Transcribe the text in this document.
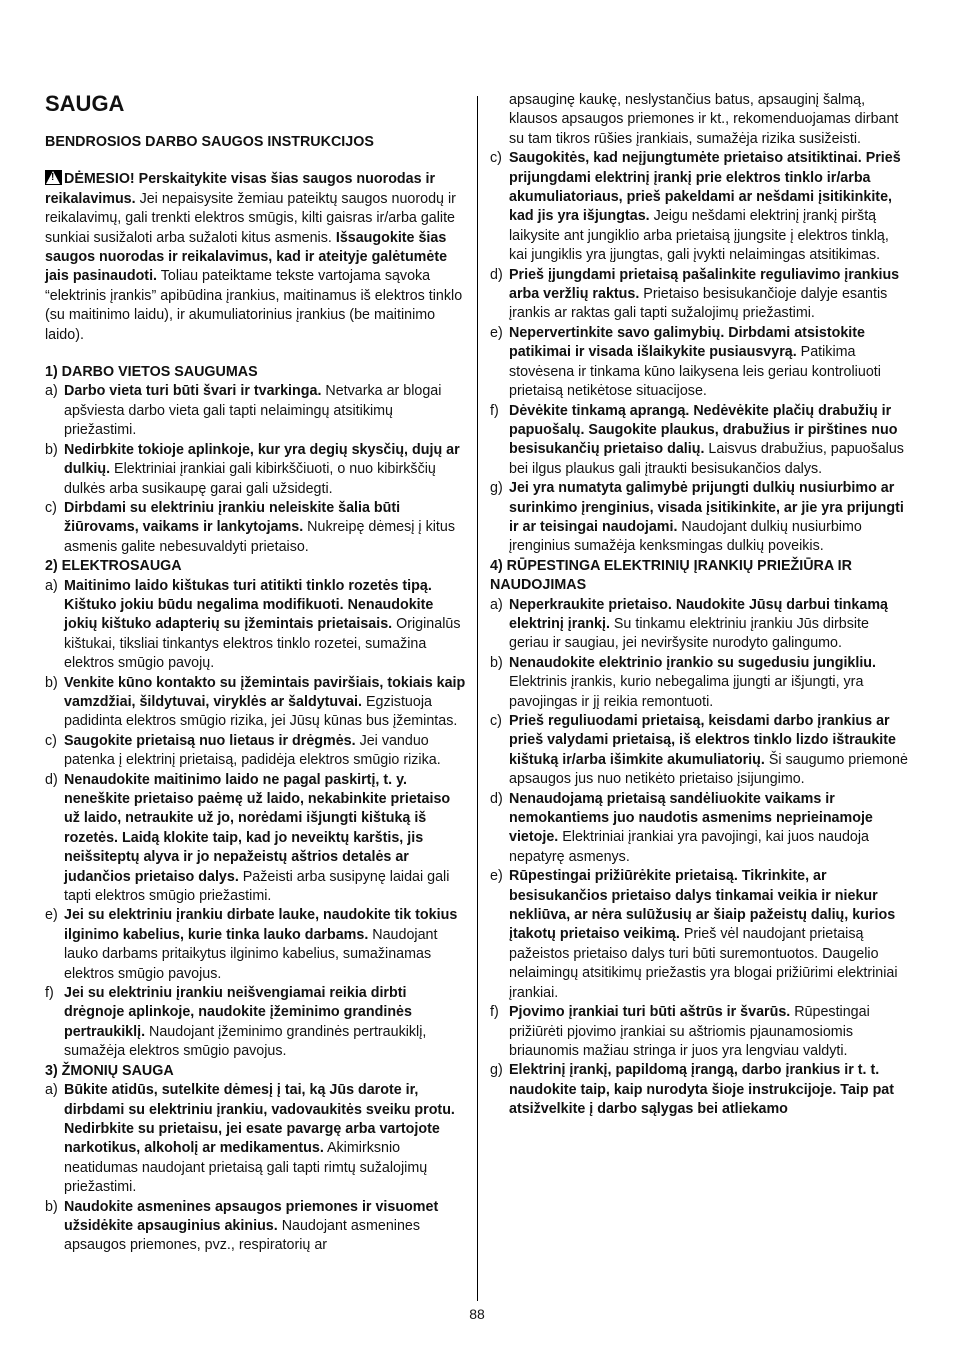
SAUGA

BENDROSIOS DARBO SAUGOS INSTRUKCIJOS

!DĖMESIO! Perskaitykite visas šias saugos nuorodas ir reikalavimus. Jei nepaisysite žemiau pateiktų saugos nuorodų ir reikalavimų, gali trenkti elektros smūgis, kilti gaisras ir/arba galite sunkiai susižaloti arba sužaloti kitus asmenis. Išsaugokite šias saugos nuorodas ir reikalavimus, kad ir ateityje galėtumėte jais pasinaudoti. Toliau pateiktame tekste vartojama sąvoka “elektrinis įrankis” apibūdina įrankius, maitinamus iš elektros tinklo (su maitinimo laidu), ir akumuliatorinius įrankius (be maitinimo laido).

1) DARBO VIETOS SAUGUMAS

a) Darbo vieta turi būti švari ir tvarkinga. Netvarka ar blogai apšviesta darbo vieta gali tapti nelaimingų atsitikimų priežastimi.
b) Nedirbkite tokioje aplinkoje, kur yra degių skysčių, dujų ar dulkių. Elektriniai įrankiai gali kibirkščiuoti, o nuo kibirkščių dulkės arba susikaupę garai gali užsidegti.
c) Dirbdami su elektriniu įrankiu neleiskite šalia būti žiūrovams, vaikams ir lankytojams. Nukreipę dėmesį į kitus asmenis galite nebesuvaldyti prietaiso.

2) ELEKTROSAUGA

a) Maitinimo laido kištukas turi atitikti tinklo rozetės tipą. Kištuko jokiu būdu negalima modifikuoti. Nenaudokite jokių kištuko adapterių su įžemintais prietaisais. Originalūs kištukai, tiksliai tinkantys elektros tinklo rozetei, sumažina elektros smūgio pavojų.
b) Venkite kūno kontakto su įžemintais paviršiais, tokiais kaip vamzdžiai, šildytuvai, viryklės ar šaldytuvai. Egzistuoja padidinta elektros smūgio rizika, jei Jūsų kūnas bus įžemintas.
c) Saugokite prietaisą nuo lietaus ir drėgmės. Jei vanduo patenka į elektrinį prietaisą, padidėja elektros smūgio rizika.
d) Nenaudokite maitinimo laido ne pagal paskirtį, t. y. neneškite prietaiso paėmę už laido, nekabinkite prietaiso už laido, netraukite už jo, norėdami išjungti kištuką iš rozetės. Laidą klokite taip, kad jo neveiktų karštis, jis neišsiteptų alyva ir jo nepažeistų aštrios detalės ar judančios prietaiso dalys. Pažeisti arba susipynę laidai gali tapti elektros smūgio priežastimi.
e) Jei su elektriniu įrankiu dirbate lauke, naudokite tik tokius ilginimo kabelius, kurie tinka lauko darbams. Naudojant lauko darbams pritaikytus ilginimo kabelius, sumažinamas elektros smūgio pavojus.
f) Jei su elektriniu įrankiu neišvengiamai reikia dirbti drėgnoje aplinkoje, naudokite įžeminimo grandinės pertraukiklį. Naudojant įžeminimo grandinės pertraukiklį, sumažėja elektros smūgio pavojus.

3) ŽMONIŲ SAUGA

a) Būkite atidūs, sutelkite dėmesį į tai, ką Jūs darote ir, dirbdami su elektriniu įrankiu, vadovaukitės sveiku protu. Nedirbkite su prietaisu, jei esate pavargę arba vartojote narkotikus, alkoholį ar medikamentus. Akimirksnio neatidumas naudojant prietaisą gali tapti rimtų sužalojimų priežastimi.
b) Naudokite asmenines apsaugos priemones ir visuomet užsidėkite apsauginius akinius. Naudojant asmenines apsaugos priemones, pvz., respiratorių ar
apsauginę kaukę, neslystančius batus, apsauginį šalmą, klausos apsaugos priemones ir kt., rekomenduojamas dirbant su tam tikros rūšies įrankiais, sumažėja rizika susižeisti.
c) Saugokitės, kad neįjungtumėte prietaiso atsitiktinai. Prieš prijungdami elektrinį įrankį prie elektros tinklo ir/arba akumuliatoriaus, prieš pakeldami ar nešdami įsitikinkite, kad jis yra išjungtas. Jeigu nešdami elektrinį įrankį pirštą laikysite ant jungiklio arba prietaisą įjungsite į elektros tinklą, kai jungiklis yra įjungtas, gali įvykti nelaimingas atsitikimas.
d) Prieš įjungdami prietaisą pašalinkite reguliavimo įrankius arba veržlių raktus. Prietaiso besisukančioje dalyje esantis įrankis ar raktas gali tapti sužalojimų priežastimi.
e) Nepervertinkite savo galimybių. Dirbdami atsistokite patikimai ir visada išlaikykite pusiausvyrą. Patikima stovėsena ir tinkama kūno laikysena leis geriau kontroliuoti prietaisą netikėtose situacijose.
f) Dėvėkite tinkamą aprangą. Nedėvėkite plačių drabužių ir papuošalų. Saugokite plaukus, drabužius ir pirštines nuo besisukančių prietaiso dalių. Laisvus drabužius, papuošalus bei ilgus plaukus gali įtraukti besisukančios dalys.
g) Jei yra numatyta galimybė prijungti dulkių nusiurbimo ar surinkimo įrenginius, visada įsitikinkite, ar jie yra prijungti ir ar teisingai naudojami. Naudojant dulkių nusiurbimo įrenginius sumažėja kenksmingas dulkių poveikis.

4) RŪPESTINGA ELEKTRINIŲ ĮRANKIŲ PRIEŽIŪRA IR NAUDOJIMAS

a) Neperkraukite prietaiso. Naudokite Jūsų darbui tinkamą elektrinį įrankį. Su tinkamu elektriniu įrankiu Jūs dirbsite geriau ir saugiau, jei neviršysite nurodyto galingumo.
b) Nenaudokite elektrinio įrankio su sugedusiu jungikliu. Elektrinis įrankis, kurio nebegalima įjungti ar išjungti, yra pavojingas ir jį reikia remontuoti.
c) Prieš reguliuodami prietaisą, keisdami darbo įrankius ar prieš valydami prietaisą, iš elektros tinklo lizdo ištraukite kištuką ir/arba išimkite akumuliatorių. Ši saugumo priemonė apsaugos jus nuo netikėto prietaiso įsijungimo.
d) Nenaudojamą prietaisą sandėliuokite vaikams ir nemokantiems juo naudotis asmenims neprieinamoje vietoje. Elektriniai įrankiai yra pavojingi, kai juos naudoja nepatyrę asmenys.
e) Rūpestingai prižiūrėkite prietaisą. Tikrinkite, ar besisukančios prietaiso dalys tinkamai veikia ir niekur nekliūva, ar nėra sulūžusių ar šiaip pažeistų dalių, kurios įtakotų prietaiso veikimą. Prieš vėl naudojant prietaisą pažeistos prietaiso dalys turi būti suremontuotos. Daugelio nelaimingų atsitikimų priežastis yra blogai prižiūrimi elektriniai įrankiai.
f) Pjovimo įrankiai turi būti aštrūs ir švarūs. Rūpestingai prižiūrėti pjovimo įrankiai su aštriomis pjaunamosiomis briaunomis mažiau stringa ir juos yra lengviau valdyti.
g) Elektrinį įrankį, papildomą įrangą, darbo įrankius ir t. t. naudokite taip, kaip nurodyta šioje instrukcijoje. Taip pat atsižvelkite į darbo sąlygas bei atliekamo
88
